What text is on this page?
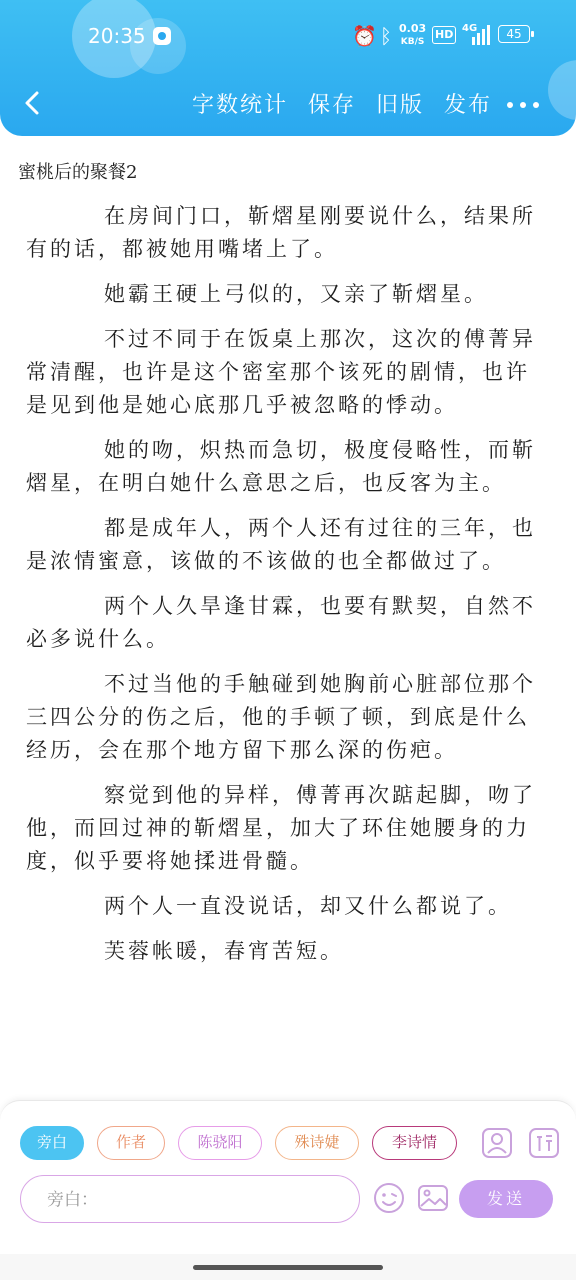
20:35	⏰ ᛒ 0.03
KB/S
HD 4G	45
字数统计 保存 旧版 发布
蜜桃后的聚餐2

在房间门口，靳熠星刚要说什么，结果所有的话，都被她用嘴堵上了。

她霸王硬上弓似的，又亲了靳熠星。

不过不同于在饭桌上那次，这次的傅菁异常清醒，也许是这个密室那个该死的剧情，也许是见到他是她心底那几乎被忽略的悸动。

她的吻，炽热而急切，极度侵略性，而靳熠星，在明白她什么意思之后，也反客为主。

都是成年人，两个人还有过往的三年，也是浓情蜜意，该做的不该做的也全都做过了。

两个人久旱逢甘霖，也要有默契，自然不必多说什么。

不过当他的手触碰到她胸前心脏部位那个三四公分的伤之后，他的手顿了顿，到底是什么经历，会在那个地方留下那么深的伤疤。

察觉到他的异样，傅菁再次踮起脚，吻了他，而回过神的靳熠星，加大了环住她腰身的力度，似乎要将她揉进骨髓。

两个人一直没说话，却又什么都说了。

芙蓉帐暖，春宵苦短。

旁白	作者	陈骁阳	殊诗婕	李诗情
旁白：
发送
